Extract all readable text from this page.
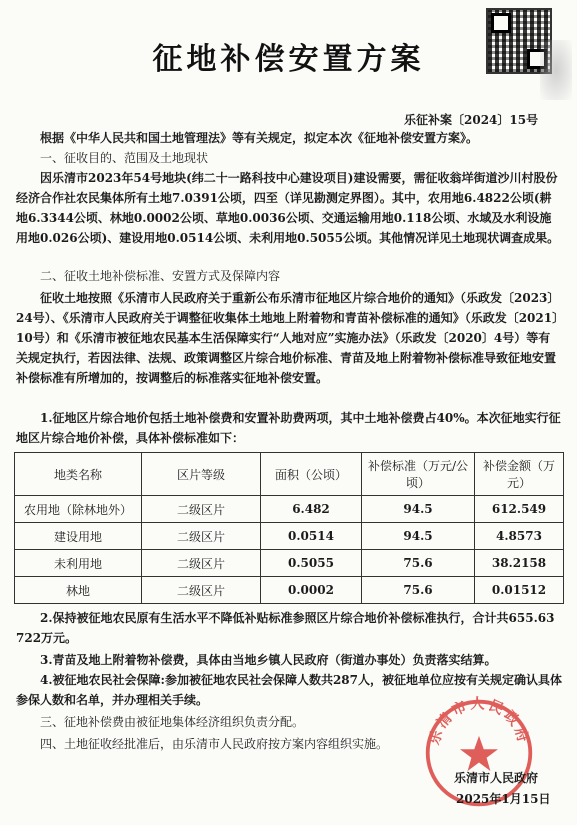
征地补偿安置方案
乐征补案〔2024〕15号

根据《中华人民共和国土地管理法》等有关规定，拟定本次《征地补偿安置方案》。

一、征收目的、范围及土地现状

因乐清市2023年54号地块(纬二十一路科技中心建设项目)建设需要，需征收翁垟街道沙川村股份经济合作社农民集体所有土地7.0391公顷，四至（详见勘测定界图）。其中，农用地6.4822公顷(耕地6.3344公顷、林地0.0002公顷、草地0.0036公顷、交通运输用地0.118公顷、水域及水利设施用地0.026公顷)、建设用地0.0514公顷、未利用地0.5055公顷。其他情况详见土地现状调查成果。

二、征收土地补偿标准、安置方式及保障内容

征收土地按照《乐清市人民政府关于重新公布乐清市征地区片综合地价的通知》（乐政发〔2023〕24号）、《乐清市人民政府关于调整征收集体土地地上附着物和青苗补偿标准的通知》（乐政发〔2021〕10号）和《乐清市被征地农民基本生活保障实行“人地对应”实施办法》（乐政发〔2020〕4号）等有关规定执行，若因法律、法规、政策调整区片综合地价标准、青苗及地上附着物补偿标准导致征地安置补偿标准有所增加的，按调整后的标准落实征地补偿安置。

1.征地区片综合地价包括土地补偿费和安置补助费两项，其中土地补偿费占40%。本次征地实行征地区片综合地价补偿，具体补偿标准如下：

地类名称	区片等级	面积（公顷）	补偿标准（万元/公顷）	补偿金额（万元）
农用地（除林地外）	二级区片	6.482	94.5	612.549
建设用地	二级区片	0.0514	94.5	4.8573
未利用地	二级区片	0.5055	75.6	38.2158
林地	二级区片	0.0002	75.6	0.01512

2.保持被征地农民原有生活水平不降低补贴标准参照区片综合地价补偿标准执行，合计共655.63722万元。

3.青苗及地上附着物补偿费，具体由当地乡镇人民政府（街道办事处）负责落实结算。

4.被征地农民社会保障:参加被征地农民社会保障人数共287人，被征地单位应按有关规定确认具体参保人数和名单，并办理相关手续。

三、征地补偿费由被征地集体经济组织负责分配。

四、土地征收经批准后，由乐清市人民政府按方案内容组织实施。	乐清市人民政府
乐清市人民政府
2025年1月15日
